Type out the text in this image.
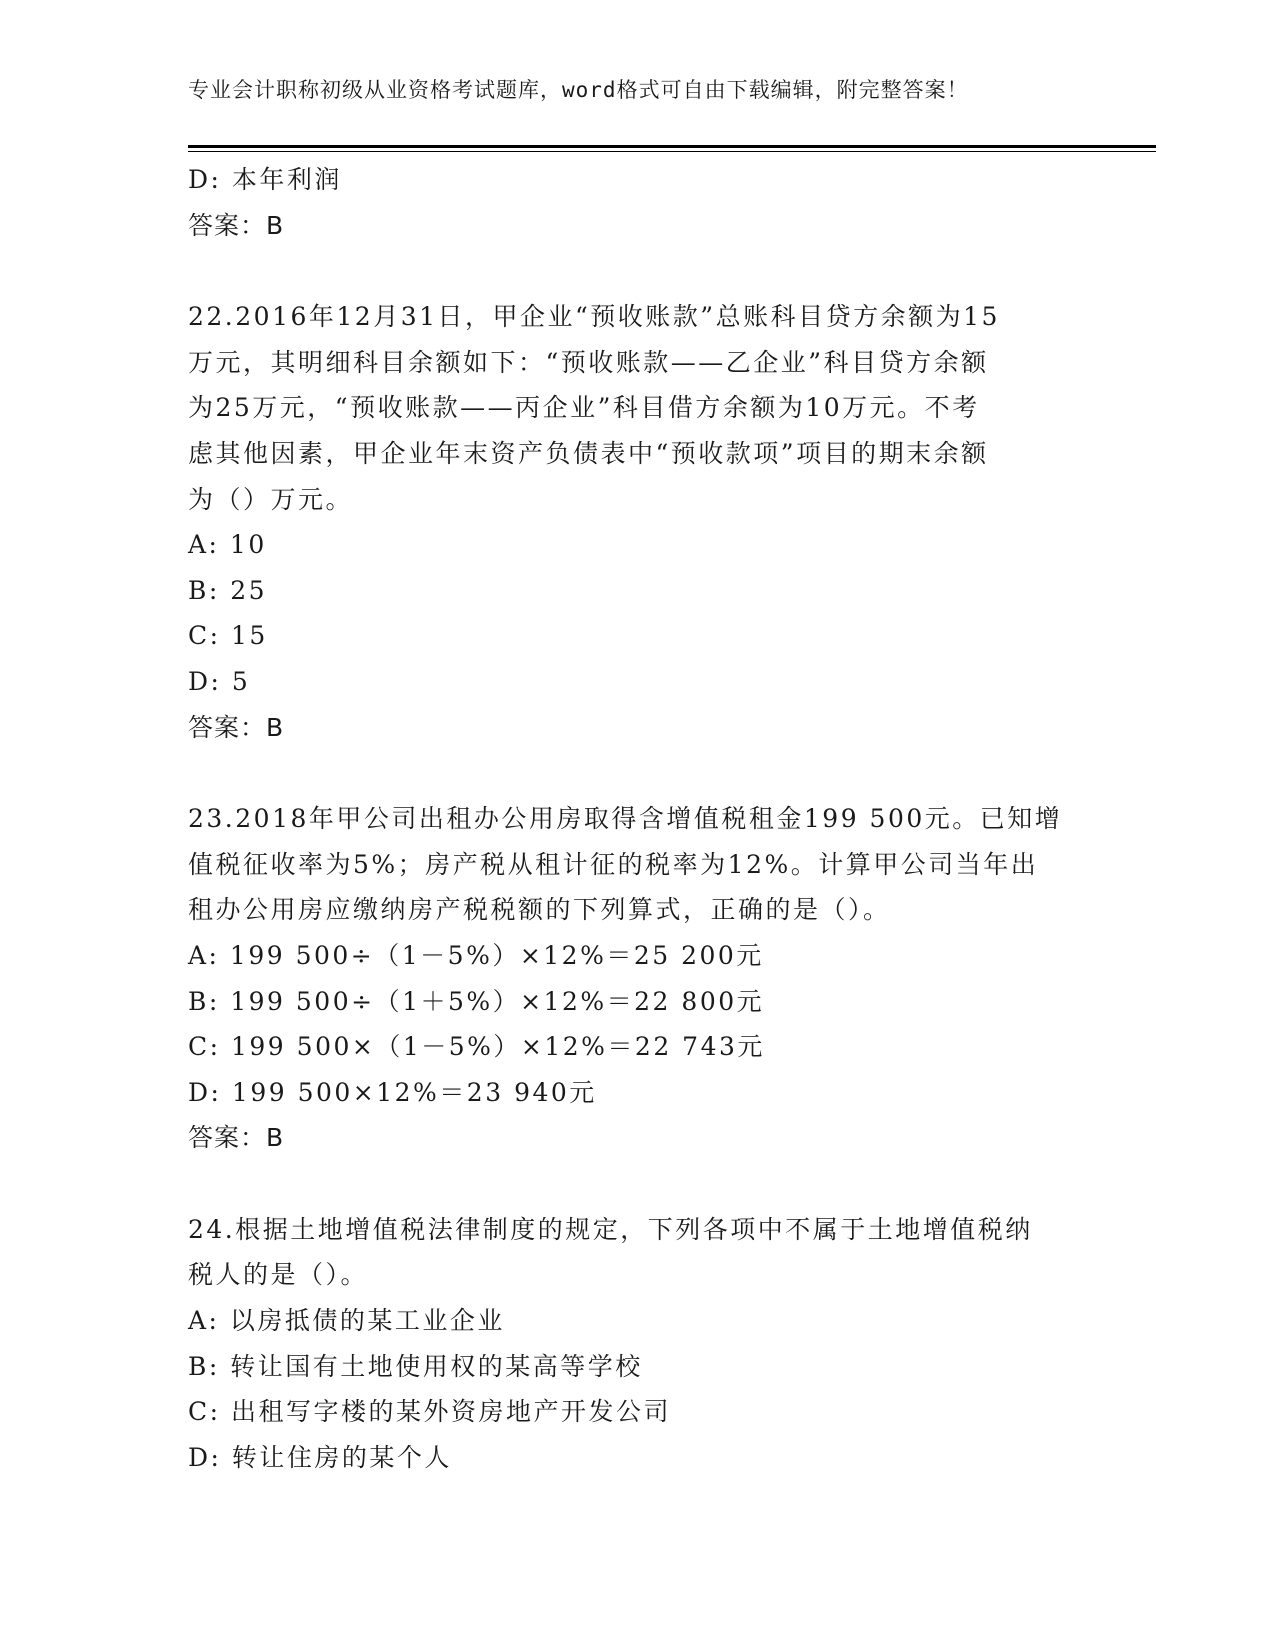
专业会计职称初级从业资格考试题库，word格式可自由下载编辑，附完整答案！
D: 本年利润
答案：B
22.2016年12月31日，甲企业“预收账款”总账科目贷方余额为15
万元，其明细科目余额如下：“预收账款——乙企业”科目贷方余额
为25万元，“预收账款——丙企业”科目借方余额为10万元。不考
虑其他因素，甲企业年末资产负债表中“预收款项”项目的期末余额
为（）万元。
A: 10
B: 25
C: 15
D: 5
答案：B
23.2018年甲公司出租办公用房取得含增值税租金199 500元。已知增
值税征收率为5%；房产税从租计征的税率为12%。计算甲公司当年出
租办公用房应缴纳房产税税额的下列算式，正确的是（）。
A: 199 500÷（1－5%）×12%＝25 200元
B: 199 500÷（1＋5%）×12%＝22 800元
C: 199 500×（1－5%）×12%＝22 743元
D: 199 500×12%＝23 940元
答案：B
24.根据土地增值税法律制度的规定，下列各项中不属于土地增值税纳
税人的是（）。
A: 以房抵债的某工业企业
B: 转让国有土地使用权的某高等学校
C: 出租写字楼的某外资房地产开发公司
D: 转让住房的某个人
